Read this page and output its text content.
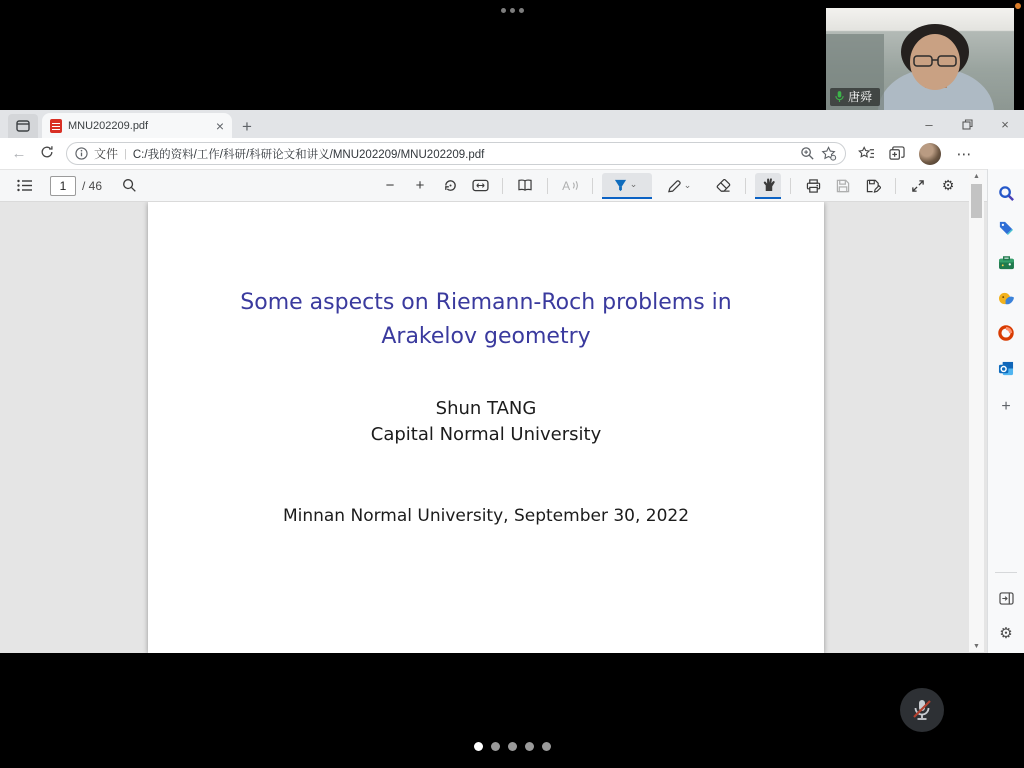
唐舜
MNU202209.pdf	× +	–	×
←	文件 | C:/我的资料/工作/科研/科研论文和讲义/MNU202209/MNU202209.pdf	⋯
1
/ 46	−	+	A	⌄	⌄	⚙
Some aspects on Riemann-Roch problems in
Arakelov geometry
Shun TANG
Capital Normal University
Minnan Normal University, September 30, 2022
▲
▼
+
⚙
